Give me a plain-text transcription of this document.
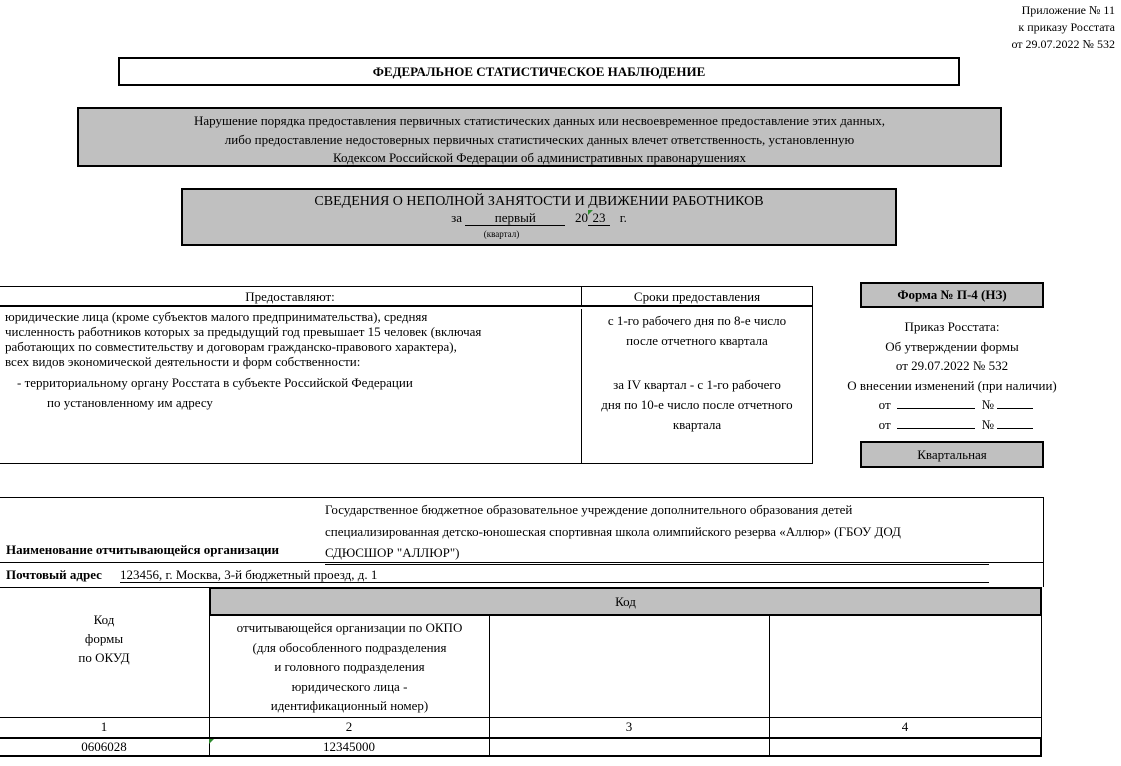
Приложение № 11
к приказу Росстата
от 29.07.2022 № 532
ФЕДЕРАЛЬНОЕ СТАТИСТИЧЕСКОЕ НАБЛЮДЕНИЕ
Нарушение порядка предоставления первичных статистических данных или несвоевременное предоставление этих данных,
либо предоставление недостоверных первичных статистических данных влечет ответственность, установленную
Кодексом Российской Федерации об административных правонарушениях
СВЕДЕНИЯ О НЕПОЛНОЙ ЗАНЯТОСТИ И ДВИЖЕНИИ РАБОТНИКОВ
за	первый	20 23 г.
(квартал)
Предоставляют:	Сроки предоставления
юридические лица (кроме субъектов малого предпринимательства), средняя
численность работников которых за предыдущий год превышает 15 человек (включая
работающих по совместительству и договорам гражданско-правового характера),
всех видов экономической деятельности и форм собственности:
- территориальному органу Росстата в субъекте Российской Федерации
по установленному им адресу
с 1-го рабочего дня по 8-е число
после отчетного квартала
за IV квартал - с 1-го рабочего
дня по 10-е число после отчетного
квартала
Форма № П-4 (НЗ)
Приказ Росстата:
Об утверждении формы
от 29.07.2022 № 532
О внесении изменений (при наличии)
от	№
от	№
Квартальная
Наименование отчитывающейся организации
Государственное бюджетное образовательное учреждение дополнительного образования детей
специализированная детско-юношеская спортивная школа олимпийского резерва «Аллюр» (ГБОУ ДОД
СДЮСШОР "АЛЛЮР")
Почтовый адрес 123456, г. Москва, 3-й бюджетный проезд, д. 1
Код
формы
по ОКУД
Код
отчитывающейся организации по ОКПО
(для обособленного подразделения
и головного подразделения
юридического лица -
идентификационный номер)
1	2	3	4
0606028	12345000
